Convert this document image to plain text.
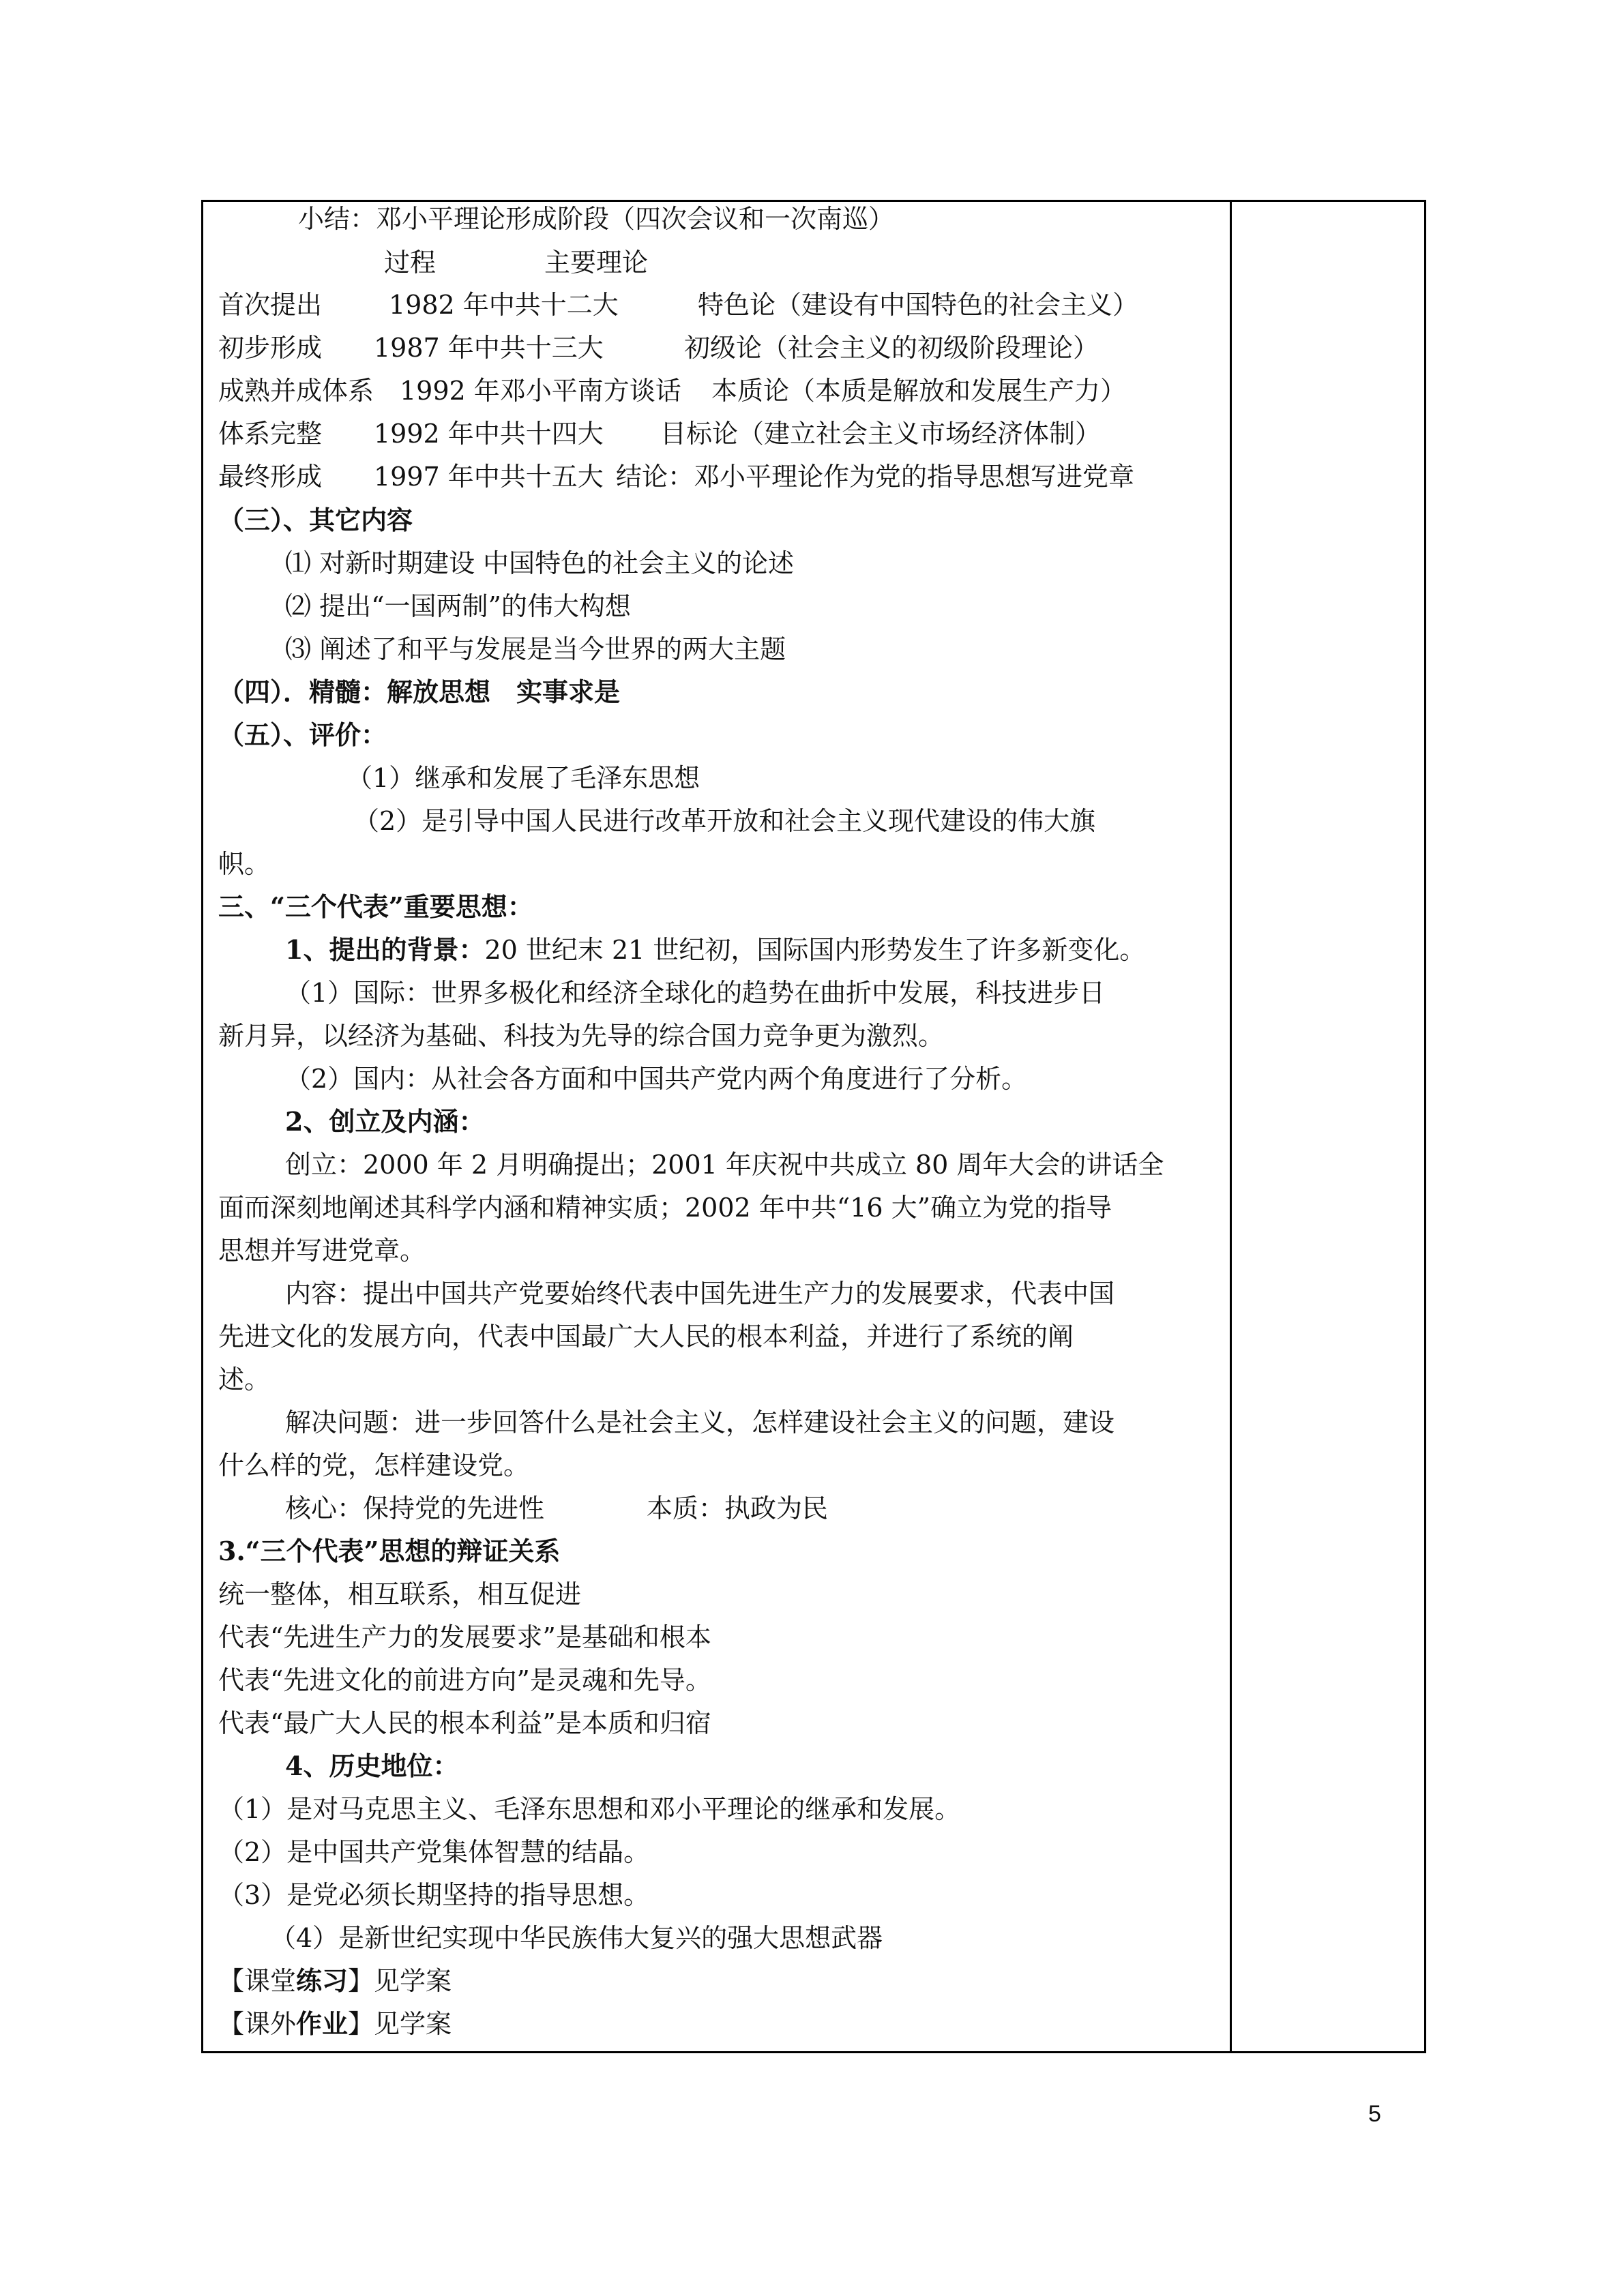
小结：邓小平理论形成阶段（四次会议和一次南巡）
过程	主要理论
首次提出	1982 年中共十二大	特色论（建设有中国特色的社会主义）
初步形成 1987 年中共十三大	初级论（社会主义的初级阶段理论）
成熟并成体系 1992 年邓小平南方谈话 本质论（本质是解放和发展生产力）
体系完整 1992 年中共十四大 目标论（建立社会主义市场经济体制）
最终形成 1997 年中共十五大 结论：邓小平理论作为党的指导思想写进党章
（三）、其它内容
⑴ 对新时期建设 中国特色的社会主义的论述
⑵ 提出“一国两制”的伟大构想
⑶ 阐述了和平与发展是当今世界的两大主题
（四）．精髓：解放思想　实事求是
（五）、评价：
（1）继承和发展了毛泽东思想
（2）是引导中国人民进行改革开放和社会主义现代建设的伟大旗
帜。
三、“三个代表”重要思想：
1、提出的背景：20 世纪末 21 世纪初，国际国内形势发生了许多新变化。
（1）国际：世界多极化和经济全球化的趋势在曲折中发展，科技进步日
新月异，以经济为基础、科技为先导的综合国力竞争更为激烈。
（2）国内：从社会各方面和中国共产党内两个角度进行了分析。
2、创立及内涵：
创立：2000 年 2 月明确提出；2001 年庆祝中共成立 80 周年大会的讲话全
面而深刻地阐述其科学内涵和精神实质；2002 年中共“16 大”确立为党的指导
思想并写进党章。
内容：提出中国共产党要始终代表中国先进生产力的发展要求，代表中国
先进文化的发展方向，代表中国最广大人民的根本利益，并进行了系统的阐
述。
解决问题：进一步回答什么是社会主义，怎样建设社会主义的问题，建设
什么样的党，怎样建设党。
核心：保持党的先进性	本质：执政为民
3.“三个代表”思想的辩证关系
统一整体，相互联系，相互促进
代表“先进生产力的发展要求”是基础和根本
代表“先进文化的前进方向”是灵魂和先导。
代表“最广大人民的根本利益”是本质和归宿
4、历史地位：
（1）是对马克思主义、毛泽东思想和邓小平理论的继承和发展。
（2）是中国共产党集体智慧的结晶。
（3）是党必须长期坚持的指导思想。
（4）是新世纪实现中华民族伟大复兴的强大思想武器
【课堂练习】见学案
【课外作业】见学案
5
